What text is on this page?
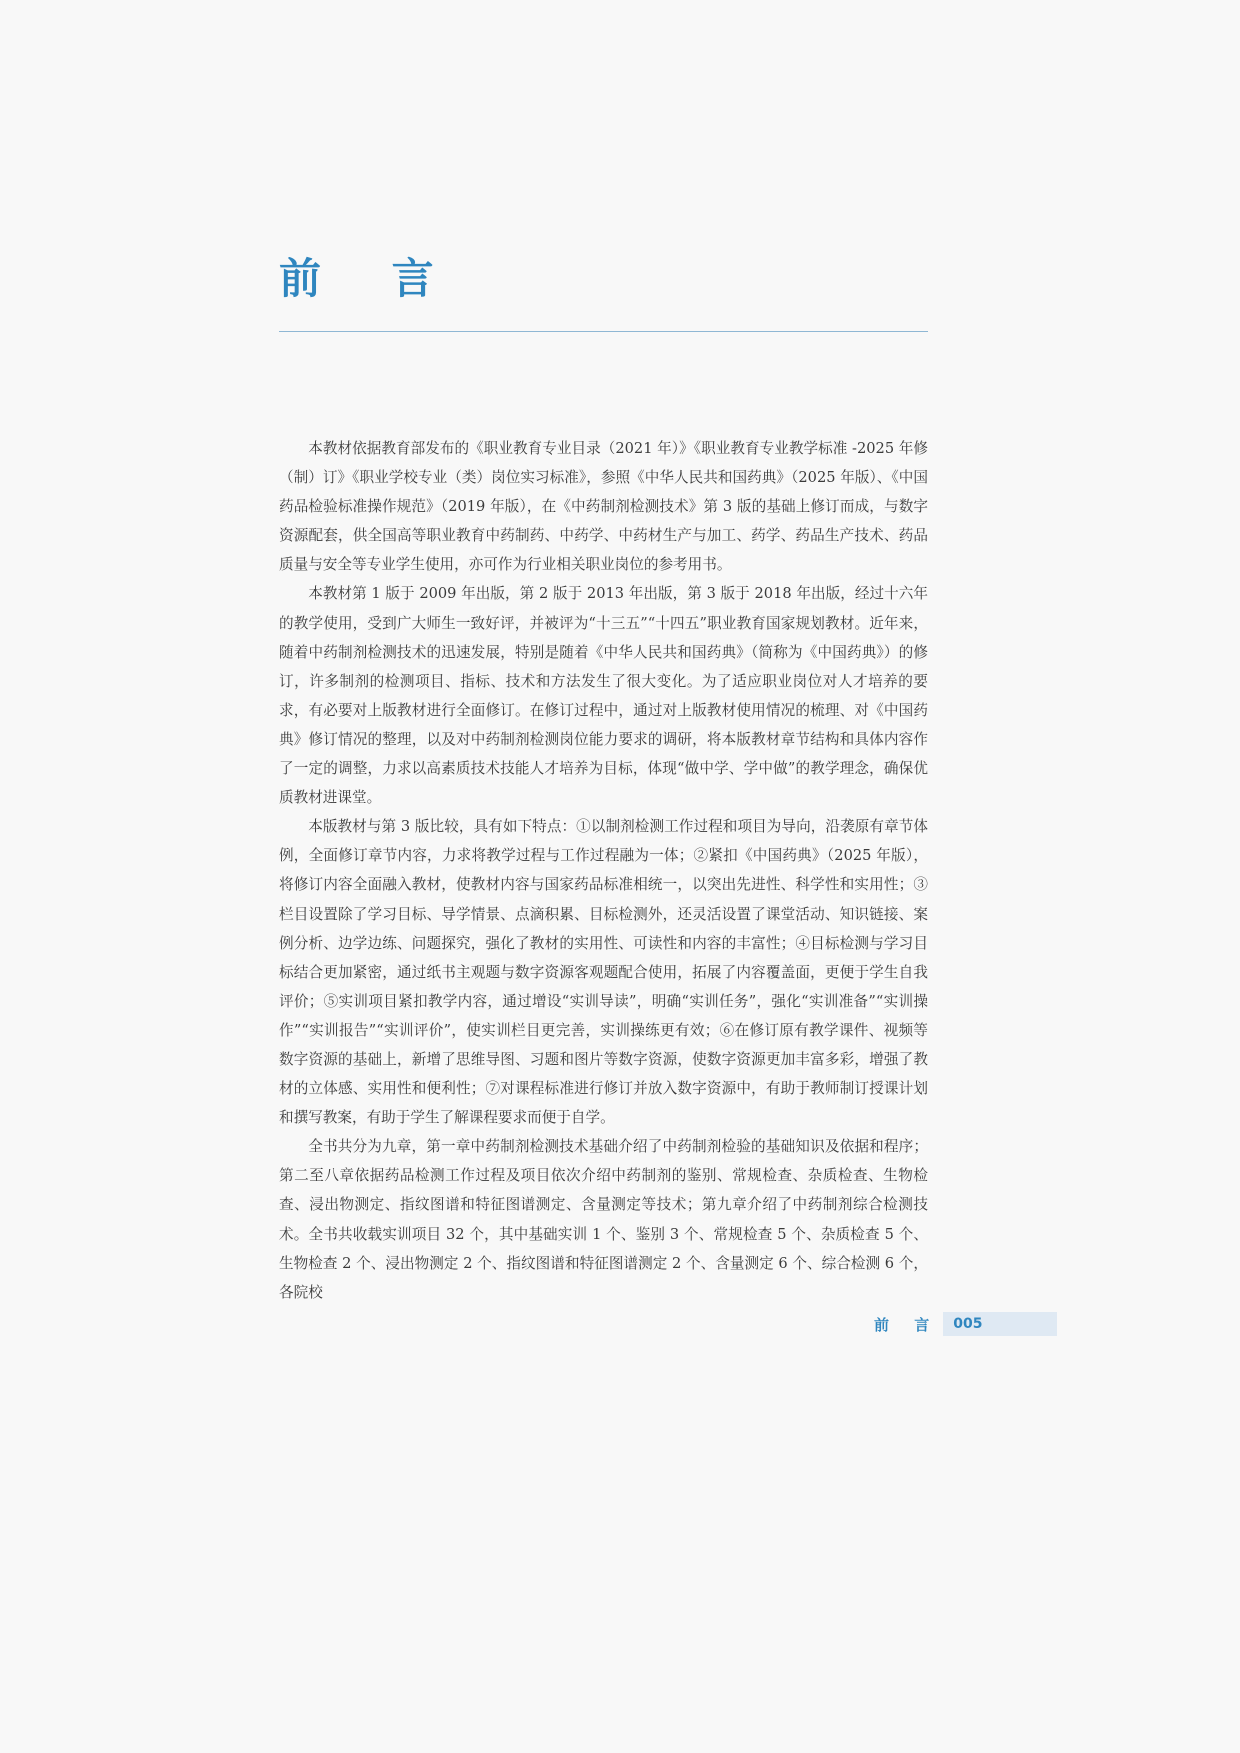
前 言

本教材依据教育部发布的《职业教育专业目录（2021 年）》《职业教育专业教学标准 -2025 年修（制）订》《职业学校专业（类）岗位实习标准》，参照《中华人民共和国药典》（2025 年版）、《中国药品检验标准操作规范》（2019 年版），在《中药制剂检测技术》第 3 版的基础上修订而成，与数字资源配套，供全国高等职业教育中药制药、中药学、中药材生产与加工、药学、药品生产技术、药品质量与安全等专业学生使用，亦可作为行业相关职业岗位的参考用书。

本教材第 1 版于 2009 年出版，第 2 版于 2013 年出版，第 3 版于 2018 年出版，经过十六年的教学使用，受到广大师生一致好评，并被评为“十三五”“十四五”职业教育国家规划教材。近年来，随着中药制剂检测技术的迅速发展，特别是随着《中华人民共和国药典》（简称为《中国药典》）的修订，许多制剂的检测项目、指标、技术和方法发生了很大变化。为了适应职业岗位对人才培养的要求，有必要对上版教材进行全面修订。在修订过程中，通过对上版教材使用情况的梳理、对《中国药典》修订情况的整理，以及对中药制剂检测岗位能力要求的调研，将本版教材章节结构和具体内容作了一定的调整，力求以高素质技术技能人才培养为目标，体现“做中学、学中做”的教学理念，确保优质教材进课堂。

本版教材与第 3 版比较，具有如下特点：①以制剂检测工作过程和项目为导向，沿袭原有章节体例，全面修订章节内容，力求将教学过程与工作过程融为一体；②紧扣《中国药典》（2025 年版），将修订内容全面融入教材，使教材内容与国家药品标准相统一，以突出先进性、科学性和实用性；③栏目设置除了学习目标、导学情景、点滴积累、目标检测外，还灵活设置了课堂活动、知识链接、案例分析、边学边练、问题探究，强化了教材的实用性、可读性和内容的丰富性；④目标检测与学习目标结合更加紧密，通过纸书主观题与数字资源客观题配合使用，拓展了内容覆盖面，更便于学生自我评价；⑤实训项目紧扣教学内容，通过增设“实训导读”，明确“实训任务”，强化“实训准备”“实训操作”“实训报告”“实训评价”，使实训栏目更完善，实训操练更有效；⑥在修订原有教学课件、视频等数字资源的基础上，新增了思维导图、习题和图片等数字资源，使数字资源更加丰富多彩，增强了教材的立体感、实用性和便利性；⑦对课程标准进行修订并放入数字资源中，有助于教师制订授课计划和撰写教案，有助于学生了解课程要求而便于自学。

全书共分为九章，第一章中药制剂检测技术基础介绍了中药制剂检验的基础知识及依据和程序；第二至八章依据药品检测工作过程及项目依次介绍中药制剂的鉴别、常规检查、杂质检查、生物检查、浸出物测定、指纹图谱和特征图谱测定、含量测定等技术；第九章介绍了中药制剂综合检测技术。全书共收载实训项目 32 个，其中基础实训 1 个、鉴别 3 个、常规检查 5 个、杂质检查 5 个、生物检查 2 个、浸出物测定 2 个、指纹图谱和特征图谱测定 2 个、含量测定 6 个、综合检测 6 个，各院校

前 言	005
